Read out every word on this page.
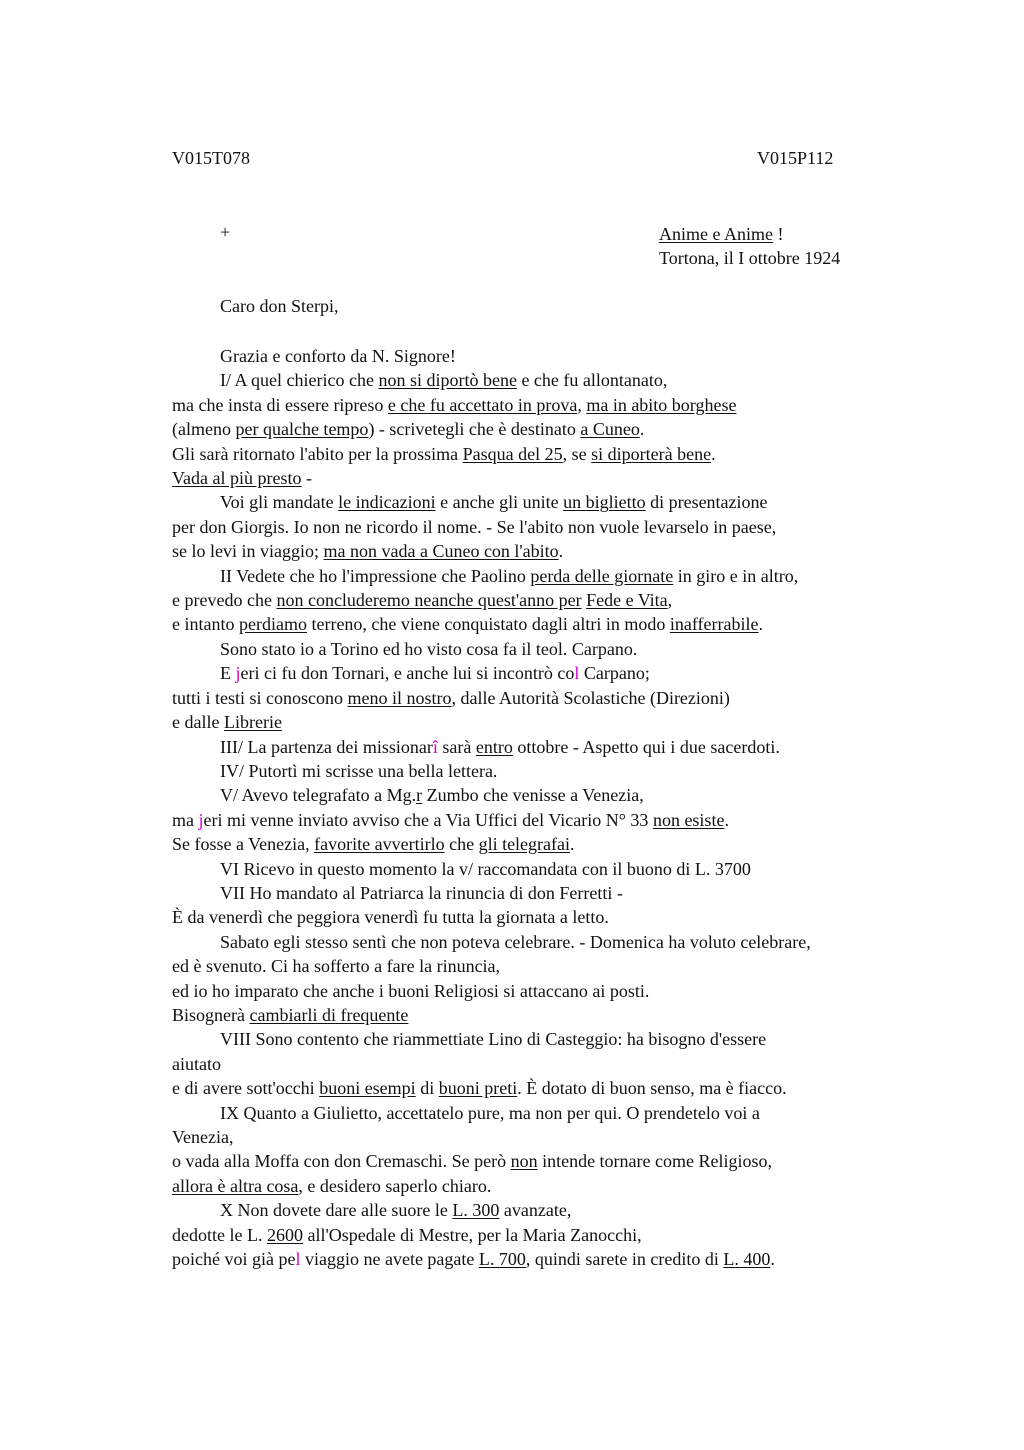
V015T078	V015P112
+	Anime e Anime !
Tortona, il I ottobre 1924
Caro don Sterpi,
Grazia e conforto da N. Signore!
I/ A quel chierico che non si diportò bene e che fu allontanato,
ma che insta di essere ripreso e che fu accettato in prova, ma in abito borghese
(almeno per qualche tempo) - scrivetegli che è destinato a Cuneo.
Gli sarà ritornato l'abito per la prossima Pasqua del 25, se si diporterà bene.
Vada al più presto -
Voi gli mandate le indicazioni e anche gli unite un biglietto di presentazione
per don Giorgis. Io non ne ricordo il nome. - Se l'abito non vuole levarselo in paese,
se lo levi in viaggio; ma non vada a Cuneo con l'abito.
II Vedete che ho l'impressione che Paolino perda delle giornate in giro e in altro,
e prevedo che non concluderemo neanche quest'anno per Fede e Vita,
e intanto perdiamo terreno, che viene conquistato dagli altri in modo inafferrabile.
Sono stato io a Torino ed ho visto cosa fa il teol. Carpano.
E jeri ci fu don Tornari, e anche lui si incontrò col Carpano;
tutti i testi si conoscono meno il nostro, dalle Autorità Scolastiche (Direzioni)
e dalle Librerie
III/ La partenza dei missionarî sarà entro ottobre - Aspetto qui i due sacerdoti.
IV/ Putortì mi scrisse una bella lettera.
V/ Avevo telegrafato a Mg.r Zumbo che venisse a Venezia,
ma jeri mi venne inviato avviso che a Via Uffici del Vicario N° 33 non esiste.
Se fosse a Venezia, favorite avvertirlo che gli telegrafai.
VI Ricevo in questo momento la v/ raccomandata con il buono di L. 3700
VII Ho mandato al Patriarca la rinuncia di don Ferretti -
È da venerdì che peggiora venerdì fu tutta la giornata a letto.
Sabato egli stesso sentì che non poteva celebrare. - Domenica ha voluto celebrare,
ed è svenuto. Ci ha sofferto a fare la rinuncia,
ed io ho imparato che anche i buoni Religiosi si attaccano ai posti.
Bisognerà cambiarli di frequente
VIII Sono contento che riammettiate Lino di Casteggio: ha bisogno d'essere
aiutato
e di avere sott'occhi buoni esempi di buoni preti. È dotato di buon senso, ma è fiacco.
IX Quanto a Giulietto, accettatelo pure, ma non per qui. O prendetelo voi a
Venezia,
o vada alla Moffa con don Cremaschi. Se però non intende tornare come Religioso,
allora è altra cosa, e desidero saperlo chiaro.
X Non dovete dare alle suore le L. 300 avanzate,
dedotte le L. 2600 all'Ospedale di Mestre, per la Maria Zanocchi,
poiché voi già pel viaggio ne avete pagate L. 700, quindi sarete in credito di L. 400.
